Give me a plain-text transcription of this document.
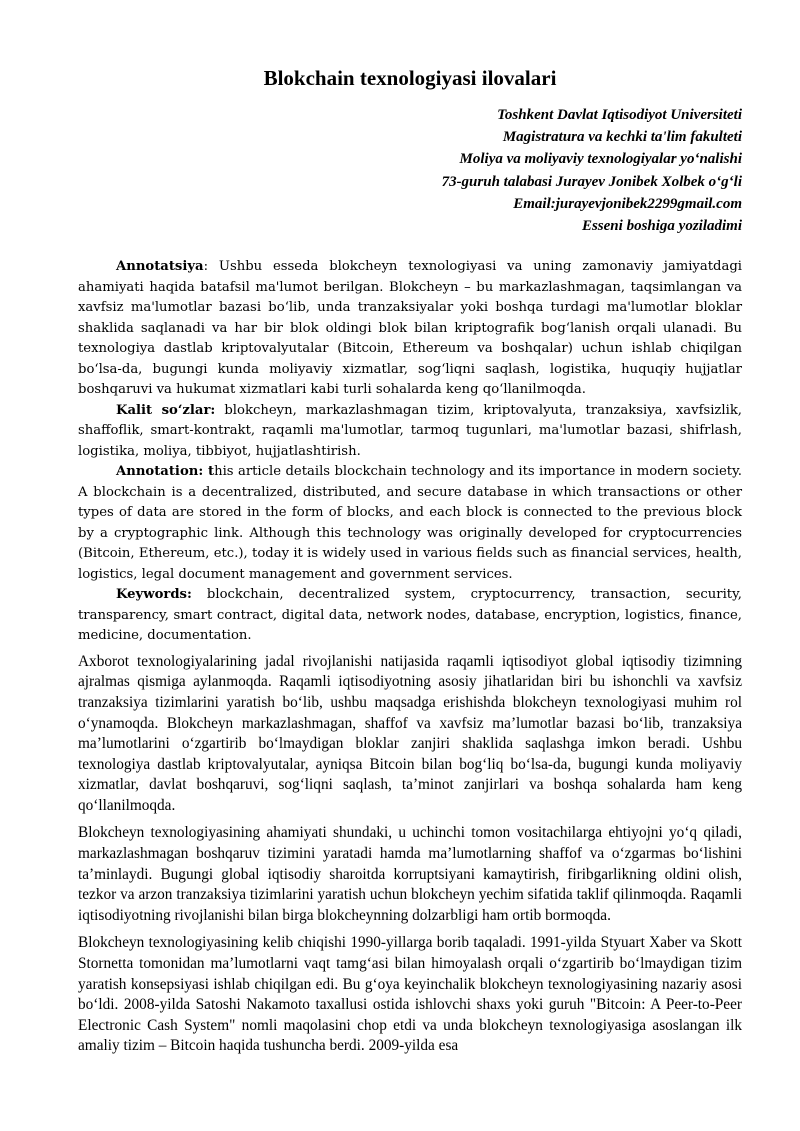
Blokchain texnologiyasi ilovalari
Toshkent Davlat Iqtisodiyot Universiteti
Magistratura va kechki ta'lim fakulteti
Moliya va moliyaviy texnologiyalar yo‘nalishi
73-guruh talabasi Jurayev Jonibek Xolbek o‘g‘li
Email:jurayevjonibek2299gmail.com
Esseni boshiga yoziladimi

Annotatsiya: Ushbu esseda blokcheyn texnologiyasi va uning zamonaviy jamiyatdagi ahamiyati haqida batafsil ma'lumot berilgan. Blokcheyn – bu markazlashmagan, taqsimlangan va xavfsiz ma'lumotlar bazasi bo‘lib, unda tranzaksiyalar yoki boshqa turdagi ma'lumotlar bloklar shaklida saqlanadi va har bir blok oldingi blok bilan kriptografik bog‘lanish orqali ulanadi. Bu texnologiya dastlab kriptovalyutalar (Bitcoin, Ethereum va boshqalar) uchun ishlab chiqilgan bo‘lsa-da, bugungi kunda moliyaviy xizmatlar, sog‘liqni saqlash, logistika, huquqiy hujjatlar boshqaruvi va hukumat xizmatlari kabi turli sohalarda keng qo‘llanilmoqda.

Kalit so‘zlar: blokcheyn, markazlashmagan tizim, kriptovalyuta, tranzaksiya, xavfsizlik, shaffoflik, smart-kontrakt, raqamli ma'lumotlar, tarmoq tugunlari, ma'lumotlar bazasi, shifrlash, logistika, moliya, tibbiyot, hujjatlashtirish.

Annotation: this article details blockchain technology and its importance in modern society. A blockchain is a decentralized, distributed, and secure database in which transactions or other types of data are stored in the form of blocks, and each block is connected to the previous block by a cryptographic link. Although this technology was originally developed for cryptocurrencies (Bitcoin, Ethereum, etc.), today it is widely used in various fields such as financial services, health, logistics, legal document management and government services.

Keywords: blockchain, decentralized system, cryptocurrency, transaction, security, transparency, smart contract, digital data, network nodes, database, encryption, logistics, finance, medicine, documentation.

Axborot texnologiyalarining jadal rivojlanishi natijasida raqamli iqtisodiyot global iqtisodiy tizimning ajralmas qismiga aylanmoqda. Raqamli iqtisodiyotning asosiy jihatlaridan biri bu ishonchli va xavfsiz tranzaksiya tizimlarini yaratish bo‘lib, ushbu maqsadga erishishda blokcheyn texnologiyasi muhim rol o‘ynamoqda. Blokcheyn markazlashmagan, shaffof va xavfsiz ma’lumotlar bazasi bo‘lib, tranzaksiya ma’lumotlarini o‘zgartirib bo‘lmaydigan bloklar zanjiri shaklida saqlashga imkon beradi. Ushbu texnologiya dastlab kriptovalyutalar, ayniqsa Bitcoin bilan bog‘liq bo‘lsa-da, bugungi kunda moliyaviy xizmatlar, davlat boshqaruvi, sog‘liqni saqlash, ta’minot zanjirlari va boshqa sohalarda ham keng qo‘llanilmoqda.

Blokcheyn texnologiyasining ahamiyati shundaki, u uchinchi tomon vositachilarga ehtiyojni yo‘q qiladi, markazlashmagan boshqaruv tizimini yaratadi hamda ma’lumotlarning shaffof va o‘zgarmas bo‘lishini ta’minlaydi. Bugungi global iqtisodiy sharoitda korruptsiyani kamaytirish, firibgarlikning oldini olish, tezkor va arzon tranzaksiya tizimlarini yaratish uchun blokcheyn yechim sifatida taklif qilinmoqda. Raqamli iqtisodiyotning rivojlanishi bilan birga blokcheynning dolzarbligi ham ortib bormoqda.

Blokcheyn texnologiyasining kelib chiqishi 1990-yillarga borib taqaladi. 1991-yilda Styuart Xaber va Skott Stornetta tomonidan ma’lumotlarni vaqt tamg‘asi bilan himoyalash orqali o‘zgartirib bo‘lmaydigan tizim yaratish konsepsiyasi ishlab chiqilgan edi. Bu g‘oya keyinchalik blokcheyn texnologiyasining nazariy asosi bo‘ldi. 2008-yilda Satoshi Nakamoto taxallusi ostida ishlovchi shaxs yoki guruh "Bitcoin: A Peer-to-Peer Electronic Cash System" nomli maqolasini chop etdi va unda blokcheyn texnologiyasiga asoslangan ilk amaliy tizim – Bitcoin haqida tushuncha berdi. 2009-yilda esa
